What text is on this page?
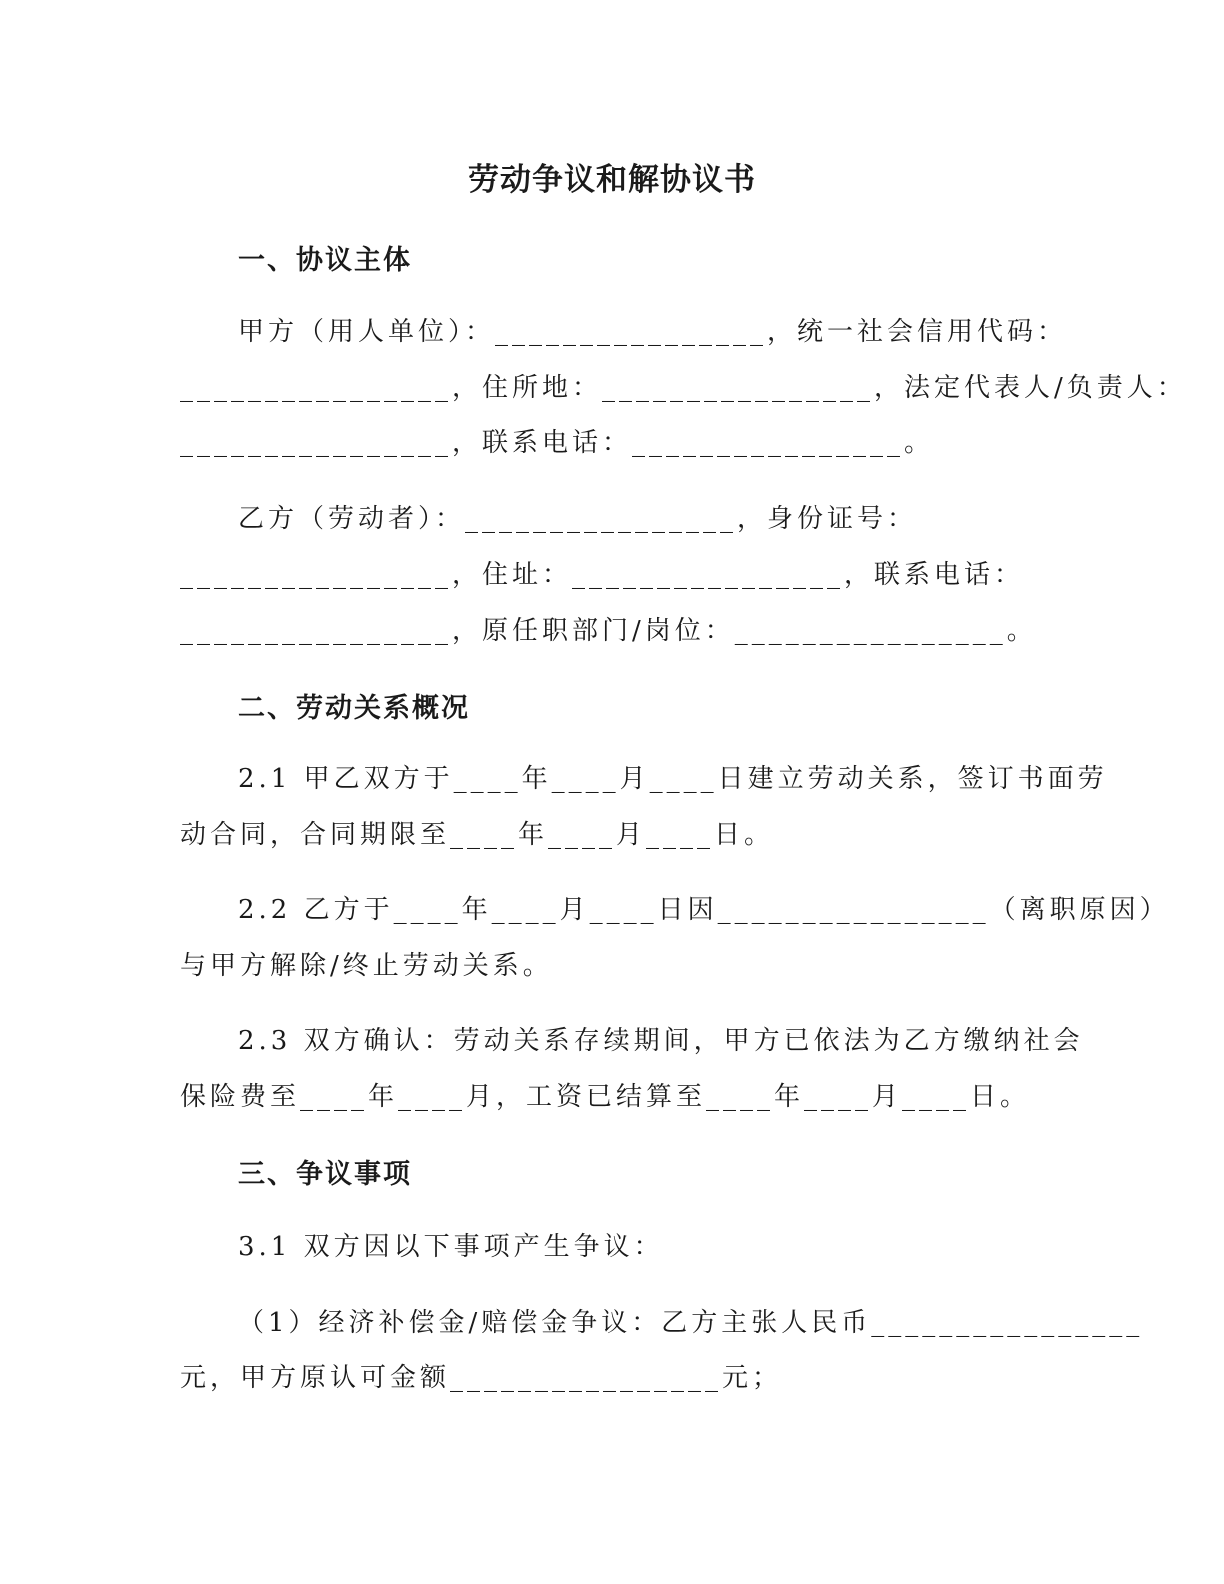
劳动争议和解协议书
一、协议主体
甲方（用人单位）：________________，统一社会信用代码：
________________，住所地：________________，法定代表人/负责人：
________________，联系电话：________________。
乙方（劳动者）：________________，身份证号：
________________，住址：________________，联系电话：
________________，原任职部门/岗位：________________。
二、劳动关系概况
2.1 甲乙双方于____年____月____日建立劳动关系，签订书面劳
动合同，合同期限至____年____月____日。
2.2 乙方于____年____月____日因________________（离职原因）
与甲方解除/终止劳动关系。
2.3 双方确认：劳动关系存续期间，甲方已依法为乙方缴纳社会
保险费至____年____月，工资已结算至____年____月____日。
三、争议事项
3.1 双方因以下事项产生争议：
（1）经济补偿金/赔偿金争议：乙方主张人民币________________
元，甲方原认可金额________________元；
